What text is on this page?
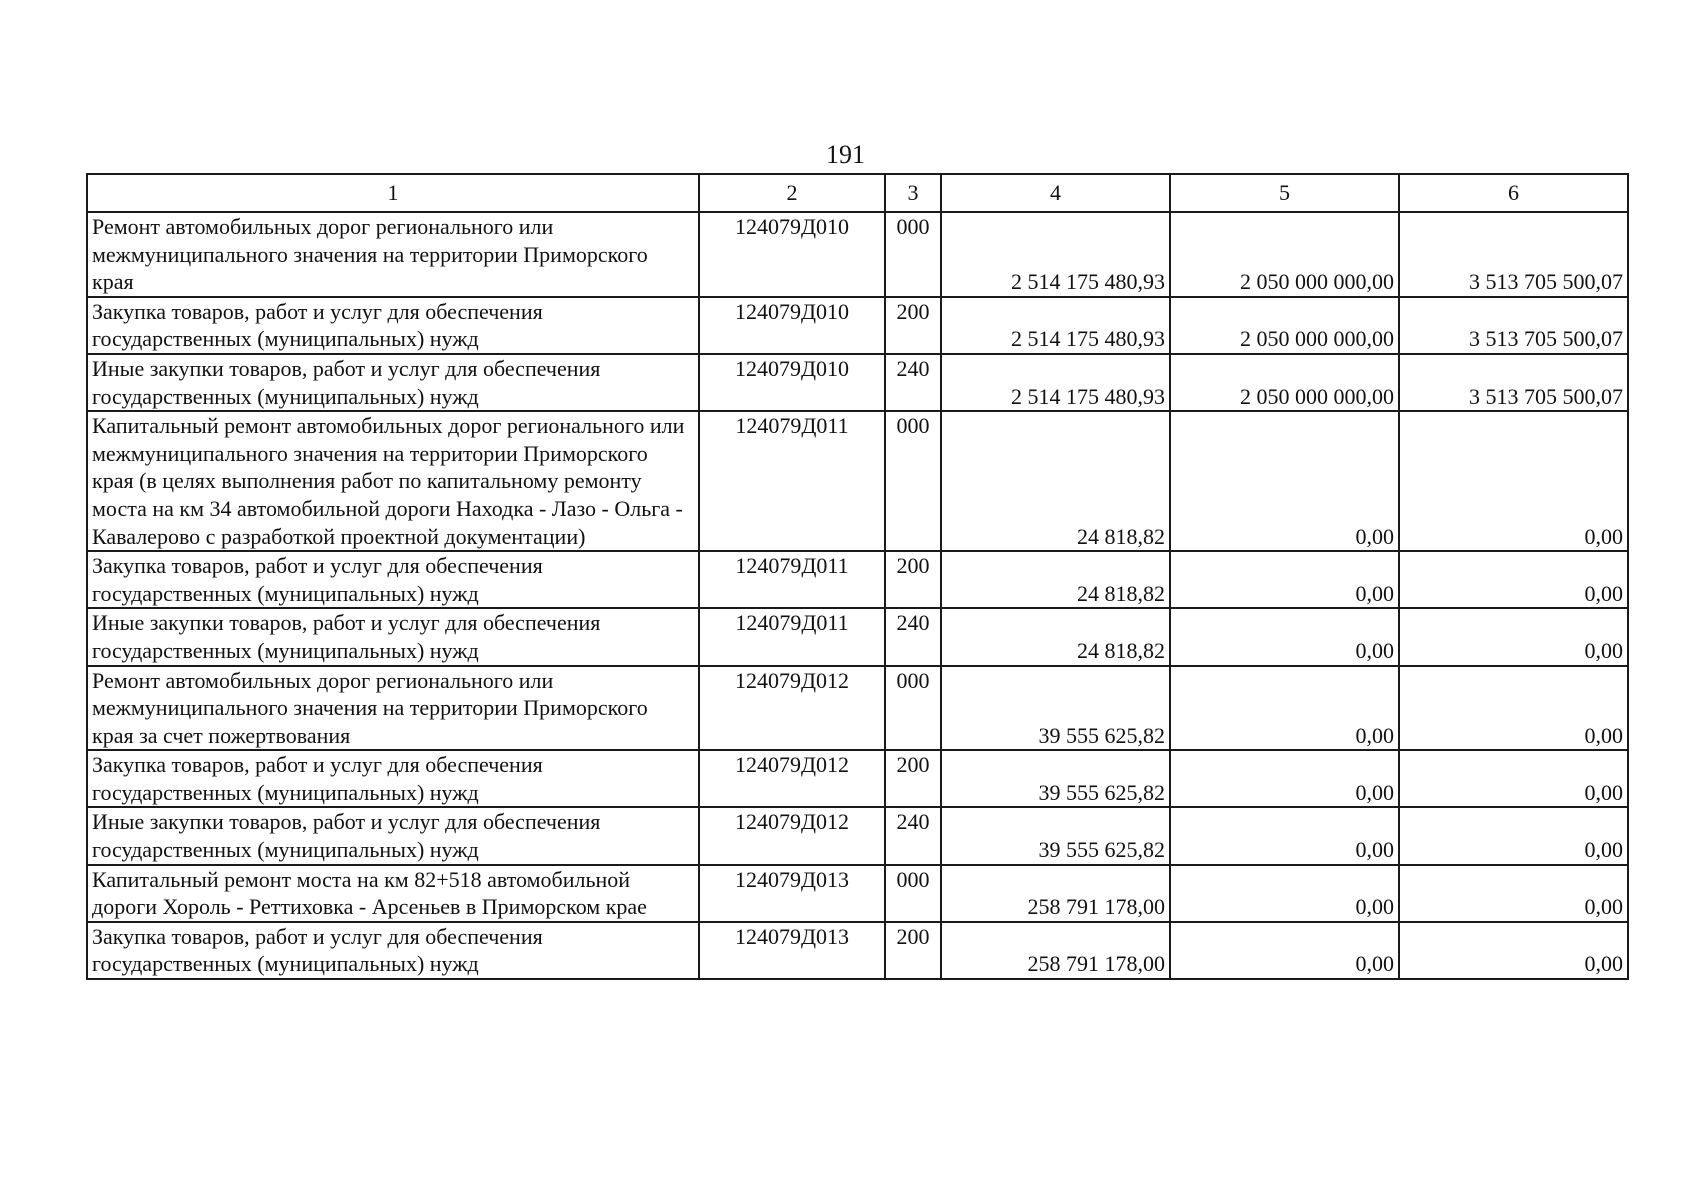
191
1	2	3	4	5	6
Ремонт автомобильных дорог регионального или межмуниципального значения на территории Приморского края	124079Д010	000	2 514 175 480,93	2 050 000 000,00	3 513 705 500,07
Закупка товаров, работ и услуг для обеспечения государственных (муниципальных) нужд	124079Д010	200	2 514 175 480,93	2 050 000 000,00	3 513 705 500,07
Иные закупки товаров, работ и услуг для обеспечения государственных (муниципальных) нужд	124079Д010	240	2 514 175 480,93	2 050 000 000,00	3 513 705 500,07
Капитальный ремонт автомобильных дорог регионального или межмуниципального значения на территории Приморского края (в целях выполнения работ по капитальному ремонту моста на км 34 автомобильной дороги Находка - Лазо - Ольга - Кавалерово с разработкой проектной документации)	124079Д011	000	24 818,82	0,00	0,00
Закупка товаров, работ и услуг для обеспечения государственных (муниципальных) нужд	124079Д011	200	24 818,82	0,00	0,00
Иные закупки товаров, работ и услуг для обеспечения государственных (муниципальных) нужд	124079Д011	240	24 818,82	0,00	0,00
Ремонт автомобильных дорог регионального или межмуниципального значения на территории Приморского края за счет пожертвования	124079Д012	000	39 555 625,82	0,00	0,00
Закупка товаров, работ и услуг для обеспечения государственных (муниципальных) нужд	124079Д012	200	39 555 625,82	0,00	0,00
Иные закупки товаров, работ и услуг для обеспечения государственных (муниципальных) нужд	124079Д012	240	39 555 625,82	0,00	0,00
Капитальный ремонт моста на км 82+518 автомобильной дороги Хороль - Реттиховка - Арсеньев в Приморском крае	124079Д013	000	258 791 178,00	0,00	0,00
Закупка товаров, работ и услуг для обеспечения государственных (муниципальных) нужд	124079Д013	200	258 791 178,00	0,00	0,00
